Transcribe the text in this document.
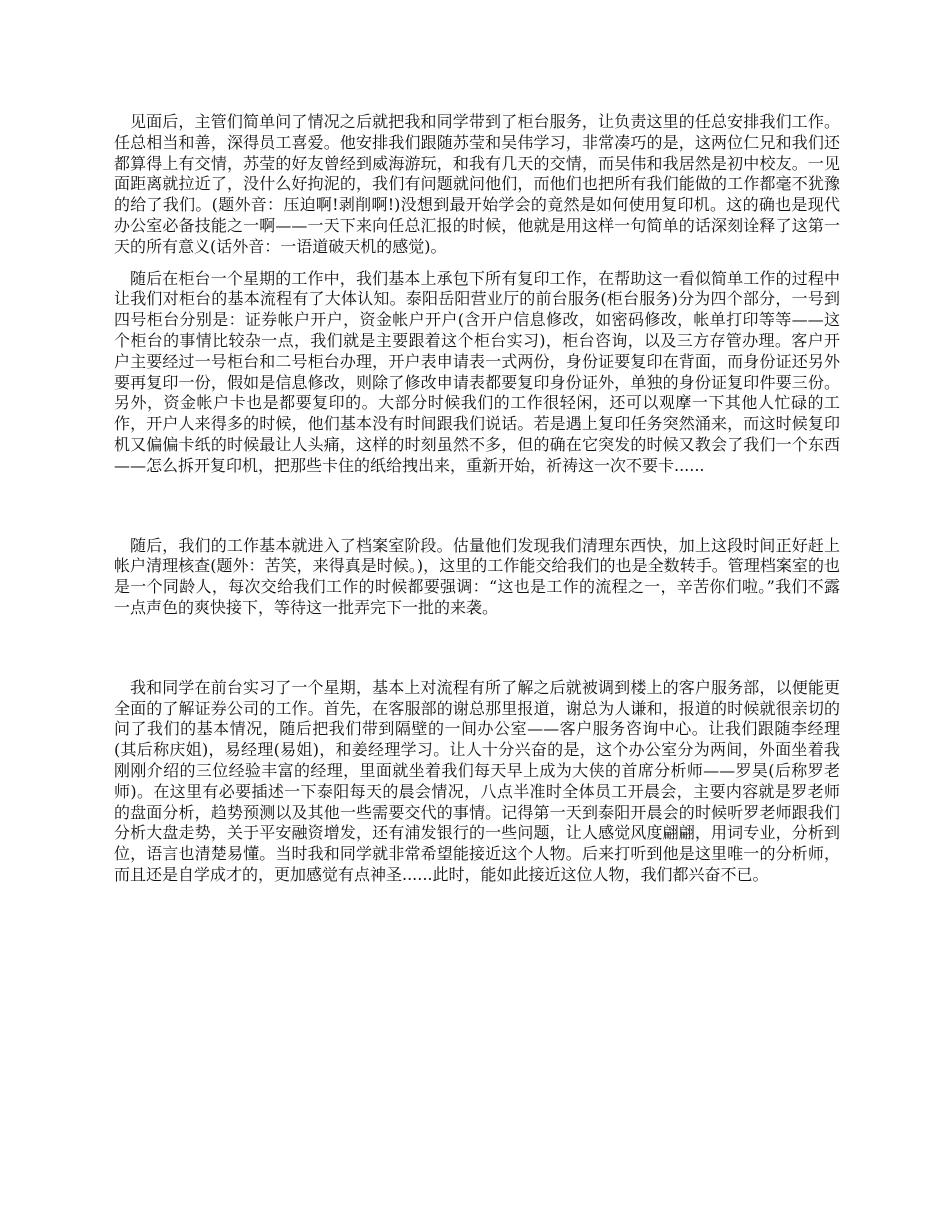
见面后，主管们简单问了情况之后就把我和同学带到了柜台服务，让负责这里的任总安排我们工作。任总相当和善，深得员工喜爱。他安排我们跟随苏莹和吴伟学习，非常凑巧的是，这两位仁兄和我们还都算得上有交情，苏莹的好友曾经到威海游玩，和我有几天的交情，而吴伟和我居然是初中校友。一见面距离就拉近了，没什么好拘泥的，我们有问题就问他们，而他们也把所有我们能做的工作都毫不犹豫的给了我们。(题外音：压迫啊!剥削啊!)没想到最开始学会的竟然是如何使用复印机。这的确也是现代办公室必备技能之一啊——一天下来向任总汇报的时候，他就是用这样一句简单的话深刻诠释了这第一天的所有意义(话外音：一语道破天机的感觉)。

随后在柜台一个星期的工作中，我们基本上承包下所有复印工作，在帮助这一看似简单工作的过程中让我们对柜台的基本流程有了大体认知。泰阳岳阳营业厅的前台服务(柜台服务)分为四个部分，一号到四号柜台分别是：证券帐户开户，资金帐户开户(含开户信息修改，如密码修改，帐单打印等等——这个柜台的事情比较杂一点，我们就是主要跟着这个柜台实习)，柜台咨询，以及三方存管办理。客户开户主要经过一号柜台和二号柜台办理，开户表申请表一式两份，身份证要复印在背面，而身份证还另外要再复印一份，假如是信息修改，则除了修改申请表都要复印身份证外，单独的身份证复印件要三份。另外，资金帐户卡也是都要复印的。大部分时候我们的工作很轻闲，还可以观摩一下其他人忙碌的工作，开户人来得多的时候，他们基本没有时间跟我们说话。若是遇上复印任务突然涌来，而这时候复印机又偏偏卡纸的时候最让人头痛，这样的时刻虽然不多，但的确在它突发的时候又教会了我们一个东西——怎么拆开复印机，把那些卡住的纸给拽出来，重新开始，祈祷这一次不要卡......

随后，我们的工作基本就进入了档案室阶段。估量他们发现我们清理东西快，加上这段时间正好赶上帐户清理核查(题外：苦笑，来得真是时候。)，这里的工作能交给我们的也是全数转手。管理档案室的也是一个同龄人，每次交给我们工作的时候都要强调：“这也是工作的流程之一，辛苦你们啦。”我们不露一点声色的爽快接下，等待这一批弄完下一批的来袭。

我和同学在前台实习了一个星期，基本上对流程有所了解之后就被调到楼上的客户服务部，以便能更全面的了解证券公司的工作。首先，在客服部的谢总那里报道，谢总为人谦和，报道的时候就很亲切的问了我们的基本情况，随后把我们带到隔壁的一间办公室——客户服务咨询中心。让我们跟随李经理(其后称庆姐)，易经理(易姐)，和姜经理学习。让人十分兴奋的是，这个办公室分为两间，外面坐着我刚刚介绍的三位经验丰富的经理，里面就坐着我们每天早上成为大侠的首席分析师——罗昊(后称罗老师)。在这里有必要插述一下泰阳每天的晨会情况，八点半准时全体员工开晨会，主要内容就是罗老师的盘面分析，趋势预测以及其他一些需要交代的事情。记得第一天到泰阳开晨会的时候听罗老师跟我们分析大盘走势，关于平安融资增发，还有浦发银行的一些问题，让人感觉风度翩翩，用词专业，分析到位，语言也清楚易懂。当时我和同学就非常希望能接近这个人物。后来打听到他是这里唯一的分析师，而且还是自学成才的，更加感觉有点神圣......此时，能如此接近这位人物，我们都兴奋不已。
